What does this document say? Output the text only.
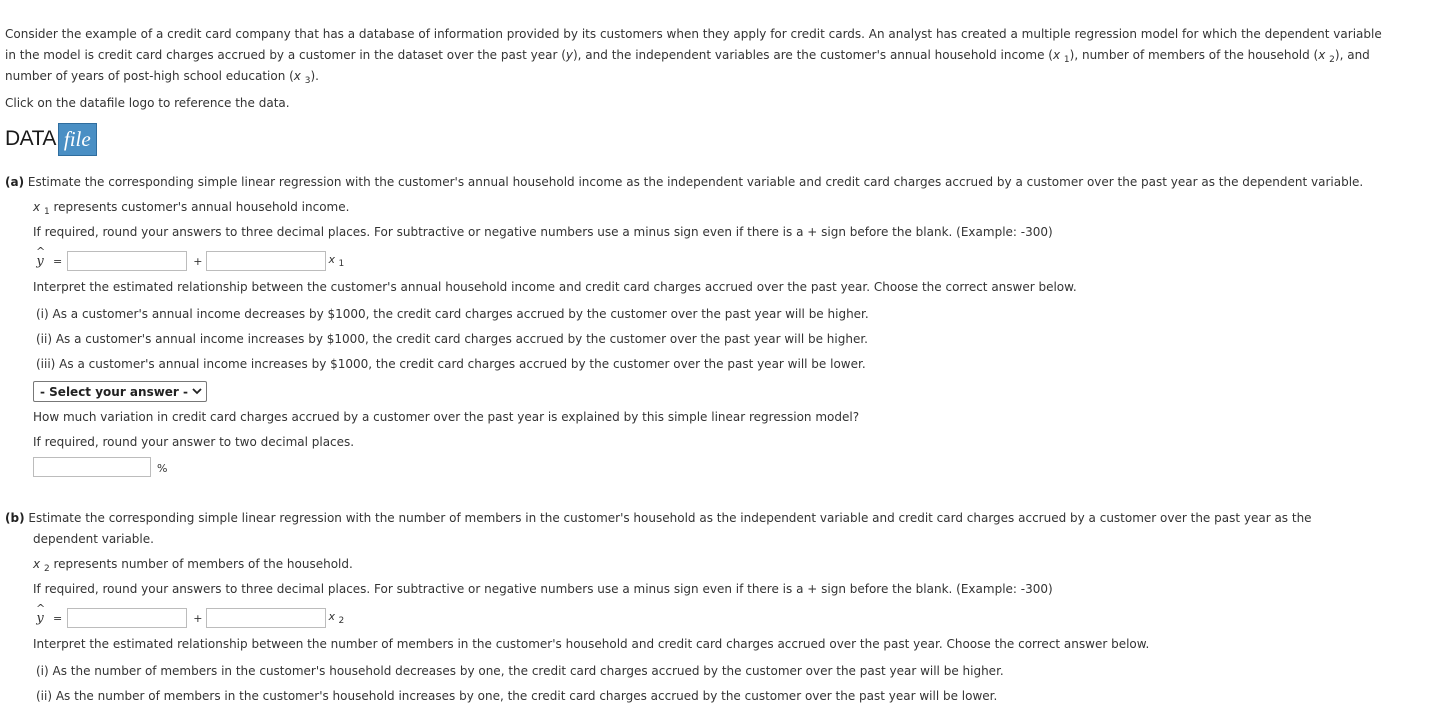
Consider the example of a credit card company that has a database of information provided by its customers when they apply for credit cards. An analyst has created a multiple regression model for which the dependent variable
in the model is credit card charges accrued by a customer in the dataset over the past year (y), and the independent variables are the customer's annual household income (x $_1$), number of members of the household (x $_2$), and
number of years of post-high school education (x $_3$).
Click on the datafile logo to reference the data.
DATA file
(a) Estimate the corresponding simple linear regression with the customer's annual household income as the independent variable and credit card charges accrued by a customer over the past year as the dependent variable.
x $_1$ represents customer's annual household income.
If required, round your answers to three decimal places. For subtractive or negative numbers use a minus sign even if there is a + sign before the blank. (Example: -300)
^
y =	+	x $_1$
Interpret the estimated relationship between the customer's annual household income and credit card charges accrued over the past year. Choose the correct answer below.
(i) As a customer's annual income decreases by $1000, the credit card charges accrued by the customer over the past year will be higher.
(ii) As a customer's annual income increases by $1000, the credit card charges accrued by the customer over the past year will be higher.
(iii) As a customer's annual income increases by $1000, the credit card charges accrued by the customer over the past year will be lower.
- Select your answer -
How much variation in credit card charges accrued by a customer over the past year is explained by this simple linear regression model?
If required, round your answer to two decimal places.
%
(b) Estimate the corresponding simple linear regression with the number of members in the customer's household as the independent variable and credit card charges accrued by a customer over the past year as the
dependent variable.
x $_2$ represents number of members of the household.
If required, round your answers to three decimal places. For subtractive or negative numbers use a minus sign even if there is a + sign before the blank. (Example: -300)
^
y =	+	x $_2$
Interpret the estimated relationship between the number of members in the customer's household and credit card charges accrued over the past year. Choose the correct answer below.
(i) As the number of members in the customer's household decreases by one, the credit card charges accrued by the customer over the past year will be higher.
(ii) As the number of members in the customer's household increases by one, the credit card charges accrued by the customer over the past year will be lower.
